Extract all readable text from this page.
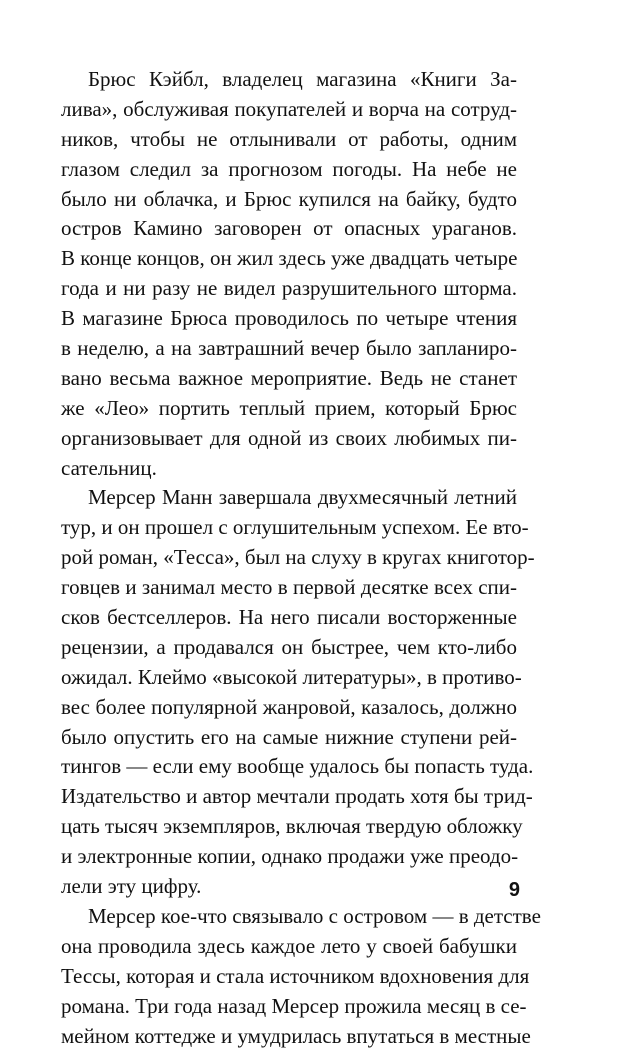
Брюс Кэйбл, владелец магазина «Книги За-
лива», обслуживая покупателей и ворча на сотруд-
ников, чтобы не отлынивали от работы, одним
глазом следил за прогнозом погоды. На небе не
было ни облачка, и Брюс купился на байку, будто
остров Камино заговорен от опасных ураганов.
В конце концов, он жил здесь уже двадцать четыре
года и ни разу не видел разрушительного шторма.
В магазине Брюса проводилось по четыре чтения
в неделю, а на завтрашний вечер было запланиро-
вано весьма важное мероприятие. Ведь не станет
же «Лео» портить теплый прием, который Брюс
организовывает для одной из своих любимых пи-
сательниц.

Мерсер Манн завершала двухмесячный летний
тур, и он прошел с оглушительным успехом. Ее вто-
рой роман, «Тесса», был на слуху в кругах книготор-
говцев и занимал место в первой десятке всех спи-
сков бестселлеров. На него писали восторженные
рецензии, а продавался он быстрее, чем кто-либо
ожидал. Клеймо «высокой литературы», в противо-
вес более популярной жанровой, казалось, должно
было опустить его на самые нижние ступени рей-
тингов — если ему вообще удалось бы попасть туда.
Издательство и автор мечтали продать хотя бы трид-
цать тысяч экземпляров, включая твердую обложку
и электронные копии, однако продажи уже преодо-
лели эту цифру.

Мерсер кое-что связывало с островом — в детстве
она проводила здесь каждое лето у своей бабушки
Тессы, которая и стала источником вдохновения для
романа. Три года назад Мерсер прожила месяц в се-
мейном коттедже и умудрилась впутаться в местные

9
